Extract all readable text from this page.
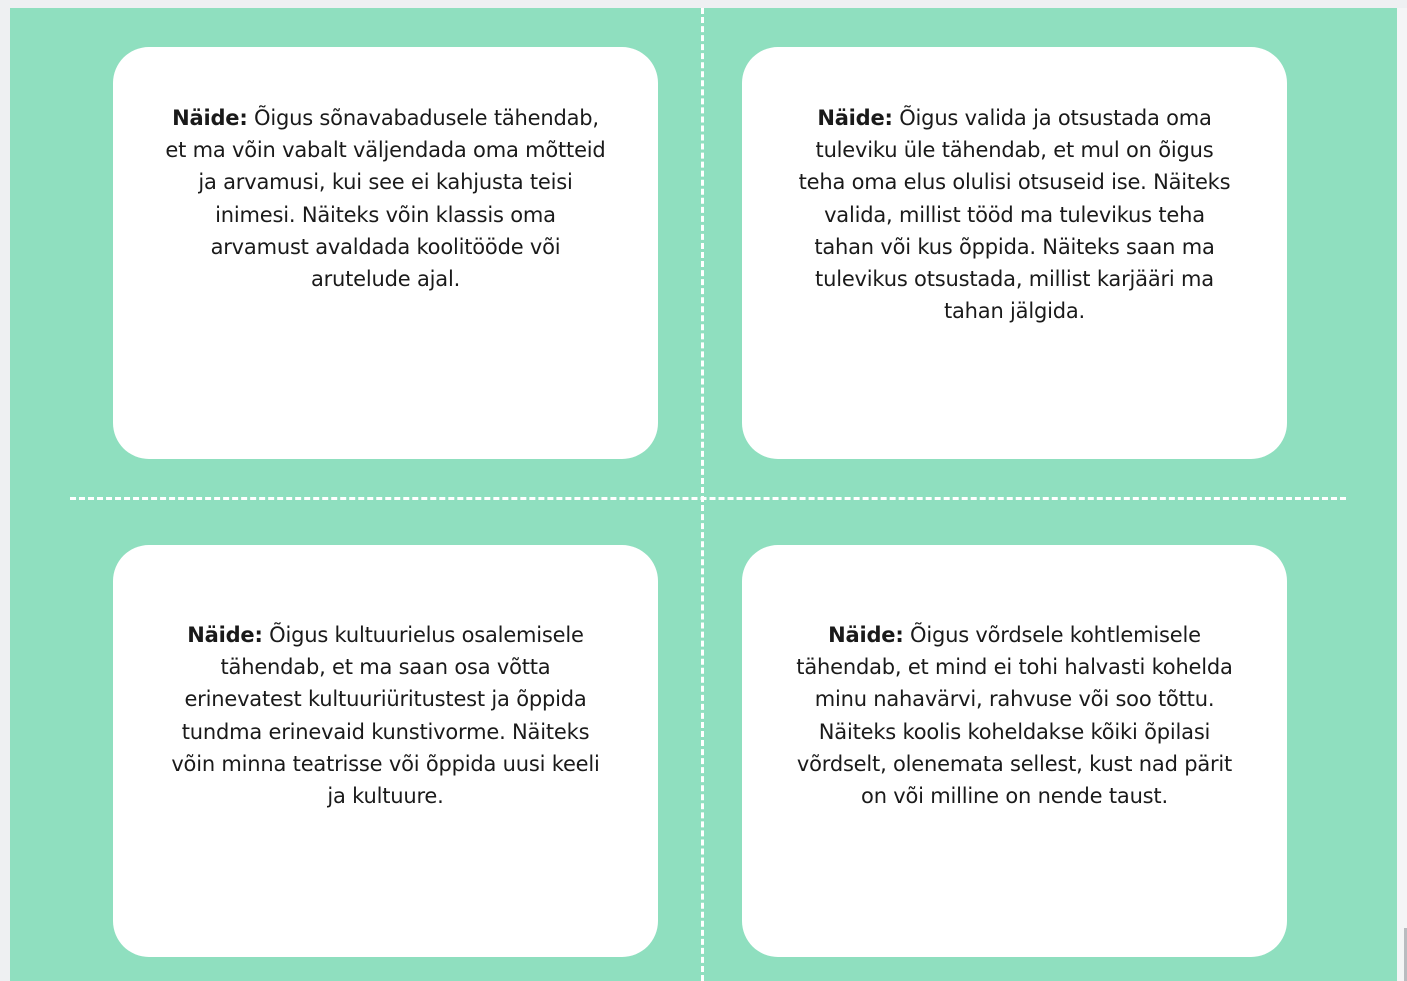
Näide: Õigus sõnavabadusele tähendab, et ma võin vabalt väljendada oma mõtteid ja arvamusi, kui see ei kahjusta teisi inimesi. Näiteks võin klassis oma arvamust avaldada koolitööde või arutelude ajal.
Näide: Õigus valida ja otsustada oma tuleviku üle tähendab, et mul on õigus teha oma elus olulisi otsuseid ise. Näiteks valida, millist tööd ma tulevikus teha tahan või kus õppida. Näiteks saan ma tulevikus otsustada, millist karjääri ma tahan jälgida.
Näide: Õigus kultuurielus osalemisele tähendab, et ma saan osa võtta erinevatest kultuuriüritustest ja õppida tundma erinevaid kunstivorme. Näiteks võin minna teatrisse või õppida uusi keeli ja kultuure.
Näide: Õigus võrdsele kohtlemisele tähendab, et mind ei tohi halvasti kohelda minu nahavärvi, rahvuse või soo tõttu. Näiteks koolis koheldakse kõiki õpilasi võrdselt, olenemata sellest, kust nad pärit on või milline on nende taust.
